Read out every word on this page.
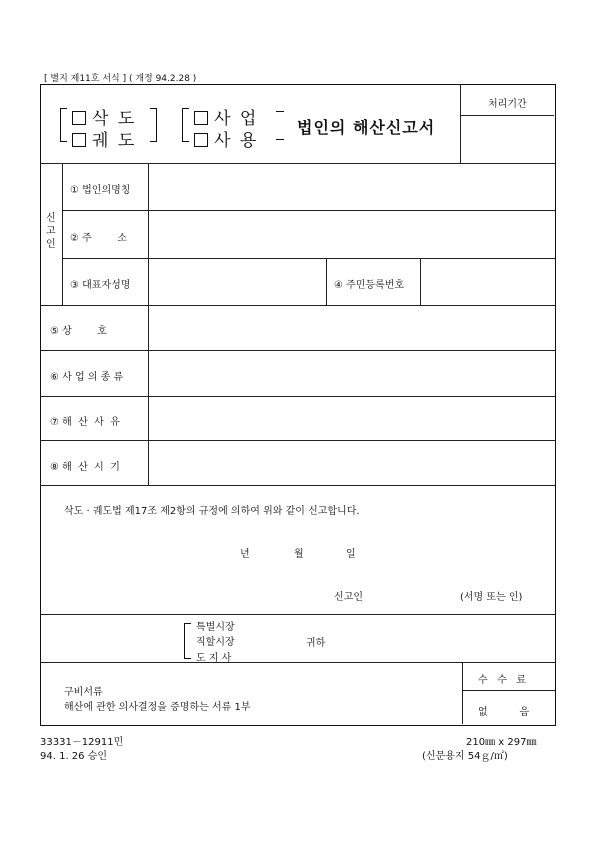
[ 별지 제11호 서식 ] ( 개정 94.2.28 )
처리기간
삭 도
궤 도
사 업
사 용
법인의 해산신고서
신고인
① 법인의명칭
② 주        소
③ 대표자성명	④ 주민등록번호
⑤ 상        호
⑥ 사 업 의 종 류
⑦ 해  산  사  유
⑧ 해  산  시  기
삭도 · 궤도법 제17조 제2항의 규정에 의하여 위와 같이 신고합니다.
년	월	일
신고인	(서명 또는 인)
특별시장
직할시장
도 지 사
귀하
수   수   료
없          음
구비서류
해산에 관한 의사결정을 증명하는 서류 1부
33331－12911민
94. 1. 26 승인
210㎜ x 297㎜
(신문용지 54ｇ/㎡)
